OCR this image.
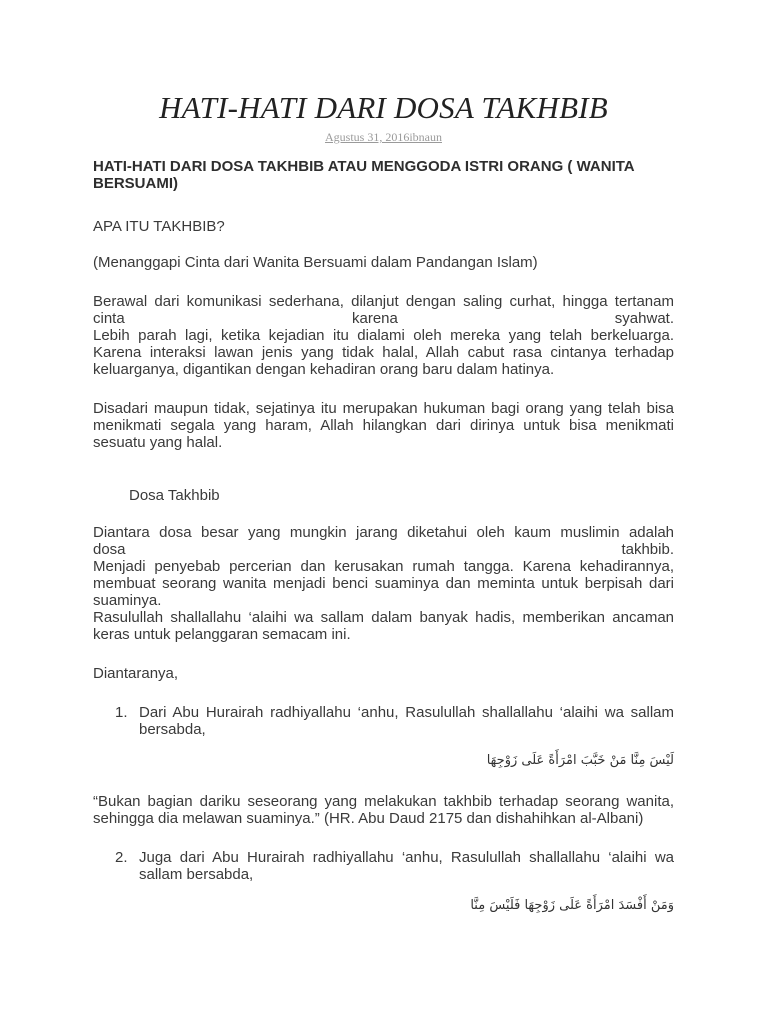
HATI-HATI DARI DOSA TAKHBIB
Agustus 31, 2016ibnaun
HATI-HATI DARI DOSA TAKHBIB ATAU MENGGODA ISTRI ORANG ( WANITA BERSUAMI)
APA ITU TAKHBIB?
(Menanggapi Cinta dari Wanita Bersuami dalam Pandangan Islam)
Berawal dari komunikasi sederhana, dilanjut dengan saling curhat, hingga tertanam
cinta	karena	syahwat.
Lebih parah lagi, ketika kejadian itu dialami oleh mereka yang telah berkeluarga.
Karena interaksi lawan jenis yang tidak halal, Allah cabut rasa cintanya terhadap
keluarganya, digantikan dengan kehadiran orang baru dalam hatinya.
Disadari maupun tidak, sejatinya itu merupakan hukuman bagi orang yang telah bisa
menikmati segala yang haram, Allah hilangkan dari dirinya untuk bisa menikmati
sesuatu yang halal.
Dosa Takhbib
Diantara dosa besar yang mungkin jarang diketahui oleh kaum muslimin adalah
dosa	takhbib.
Menjadi penyebab percerian dan kerusakan rumah tangga. Karena kehadirannya,
membuat seorang wanita menjadi benci suaminya dan meminta untuk berpisah dari
suaminya.
Rasulullah shallallahu ‘alaihi wa sallam dalam banyak hadis, memberikan ancaman
keras untuk pelanggaran semacam ini.
Diantaranya,
1. Dari Abu Hurairah radhiyallahu ‘anhu, Rasulullah shallallahu ‘alaihi wa sallam
bersabda,
لَيْسَ مِنَّا مَنْ خَبَّبَ امْرَأَةً عَلَى زَوْجِهَا
“Bukan bagian dariku seseorang yang melakukan takhbib terhadap seorang wanita,
sehingga dia melawan suaminya.” (HR. Abu Daud 2175 dan dishahihkan al-Albani)
2. Juga dari Abu Hurairah radhiyallahu ‘anhu, Rasulullah shallallahu ‘alaihi wa
sallam bersabda,
وَمَنْ أَفْسَدَ امْرَأَةً عَلَى زَوْجِهَا فَلَيْسَ مِنَّا
